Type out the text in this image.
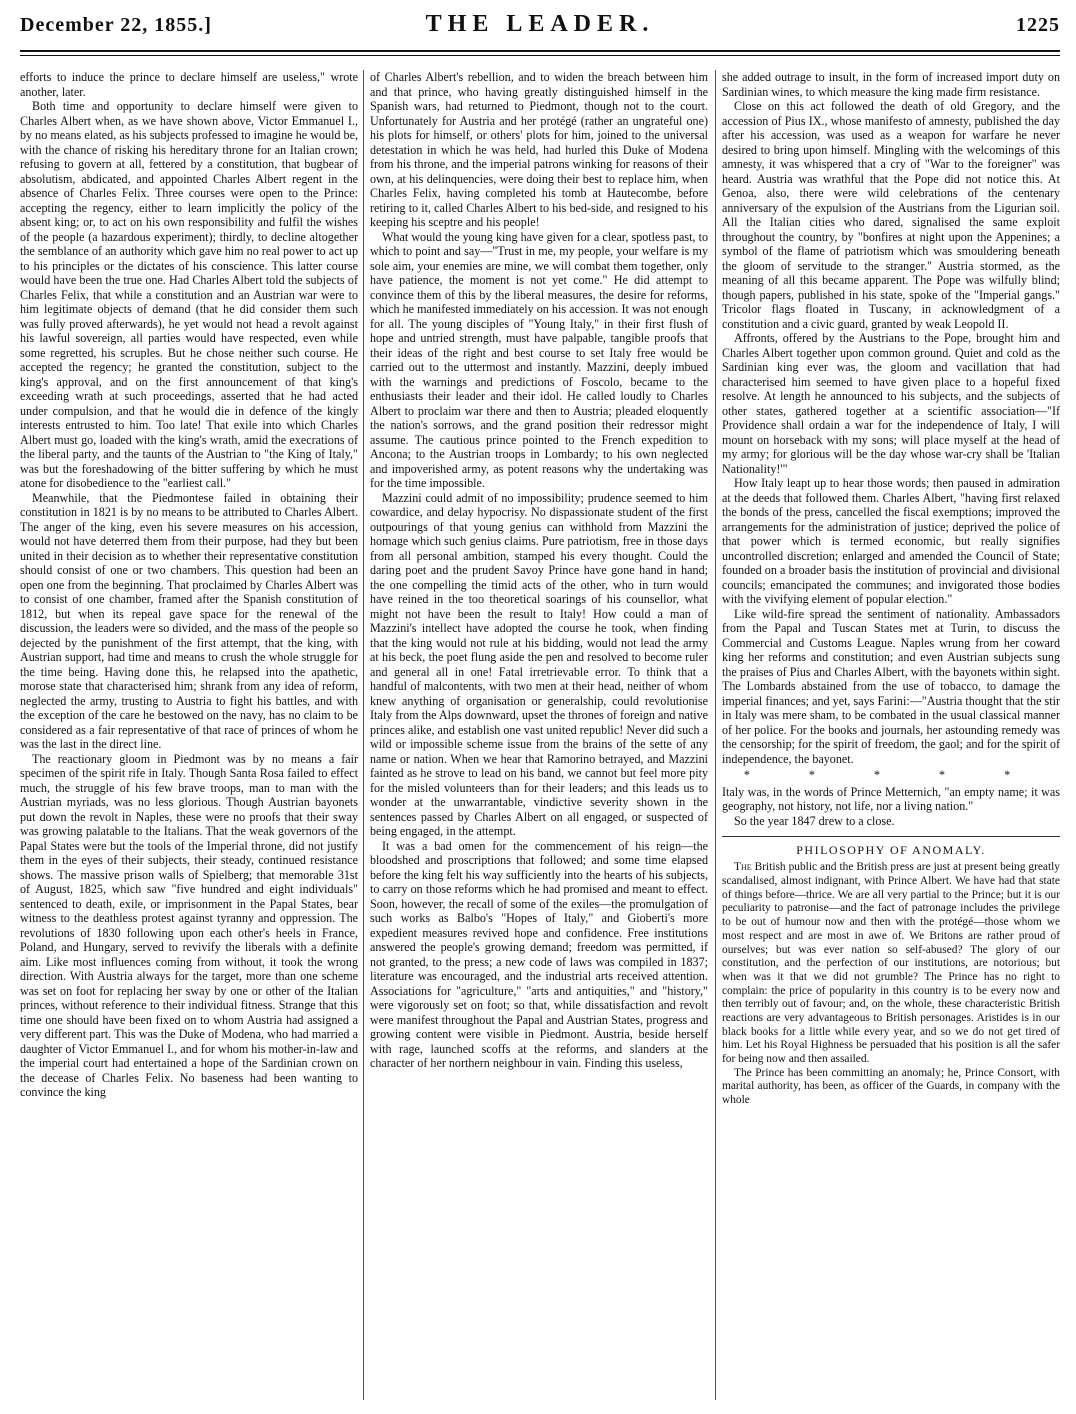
THE LEADER.
December 22, 1855.]	1225

efforts to induce the prince to declare himself are useless," wrote another, later.

Both time and opportunity to declare himself were given to Charles Albert when, as we have shown above, Victor Emmanuel I., by no means elated, as his subjects professed to imagine he would be, with the chance of risking his hereditary throne for an Italian crown; refusing to govern at all, fettered by a constitution, that bugbear of absolutism, abdicated, and appointed Charles Albert regent in the absence of Charles Felix. Three courses were open to the Prince: accepting the regency, either to learn implicitly the policy of the absent king; or, to act on his own responsibility and fulfil the wishes of the people (a hazardous experiment); thirdly, to decline altogether the semblance of an authority which gave him no real power to act up to his principles or the dictates of his conscience. This latter course would have been the true one. Had Charles Albert told the subjects of Charles Felix, that while a constitution and an Austrian war were to him legitimate objects of demand (that he did consider them such was fully proved afterwards), he yet would not head a revolt against his lawful sovereign, all parties would have respected, even while some regretted, his scruples. But he chose neither such course. He accepted the regency; he granted the constitution, subject to the king's approval, and on the first announcement of that king's exceeding wrath at such proceedings, asserted that he had acted under compulsion, and that he would die in defence of the kingly interests entrusted to him. Too late! That exile into which Charles Albert must go, loaded with the king's wrath, amid the execrations of the liberal party, and the taunts of the Austrian to "the King of Italy," was but the foreshadowing of the bitter suffering by which he must atone for disobedience to the "earliest call."

Meanwhile, that the Piedmontese failed in obtaining their constitution in 1821 is by no means to be attributed to Charles Albert. The anger of the king, even his severe measures on his accession, would not have deterred them from their purpose, had they but been united in their decision as to whether their representative constitution should consist of one or two chambers. This question had been an open one from the beginning. That proclaimed by Charles Albert was to consist of one chamber, framed after the Spanish constitution of 1812, but when its repeal gave space for the renewal of the discussion, the leaders were so divided, and the mass of the people so dejected by the punishment of the first attempt, that the king, with Austrian support, had time and means to crush the whole struggle for the time being. Having done this, he relapsed into the apathetic, morose state that characterised him; shrank from any idea of reform, neglected the army, trusting to Austria to fight his battles, and with the exception of the care he bestowed on the navy, has no claim to be considered as a fair representative of that race of princes of whom he was the last in the direct line.

The reactionary gloom in Piedmont was by no means a fair specimen of the spirit rife in Italy. Though Santa Rosa failed to effect much, the struggle of his few brave troops, man to man with the Austrian myriads, was no less glorious. Though Austrian bayonets put down the revolt in Naples, these were no proofs that their sway was growing palatable to the Italians. That the weak governors of the Papal States were but the tools of the Imperial throne, did not justify them in the eyes of their subjects, their steady, continued resistance shows. The massive prison walls of Spielberg; that memorable 31st of August, 1825, which saw "five hundred and eight individuals" sentenced to death, exile, or imprisonment in the Papal States, bear witness to the deathless protest against tyranny and oppression. The revolutions of 1830 following upon each other's heels in France, Poland, and Hungary, served to revivify the liberals with a definite aim. Like most influences coming from without, it took the wrong direction. With Austria always for the target, more than one scheme was set on foot for replacing her sway by one or other of the Italian princes, without reference to their individual fitness. Strange that this time one should have been fixed on to whom Austria had assigned a very different part. This was the Duke of Modena, who had married a daughter of Victor Emmanuel I., and for whom his mother-in-law and the imperial court had entertained a hope of the Sardinian crown on the decease of Charles Felix. No baseness had been wanting to convince the king

of Charles Albert's rebellion, and to widen the breach between him and that prince, who having greatly distinguished himself in the Spanish wars, had returned to Piedmont, though not to the court. Unfortunately for Austria and her protégé (rather an ungrateful one) his plots for himself, or others' plots for him, joined to the universal detestation in which he was held, had hurled this Duke of Modena from his throne, and the imperial patrons winking for reasons of their own, at his delinquencies, were doing their best to replace him, when Charles Felix, having completed his tomb at Hautecombe, before retiring to it, called Charles Albert to his bed-side, and resigned to his keeping his sceptre and his people!

What would the young king have given for a clear, spotless past, to which to point and say—"Trust in me, my people, your welfare is my sole aim, your enemies are mine, we will combat them together, only have patience, the moment is not yet come." He did attempt to convince them of this by the liberal measures, the desire for reforms, which he manifested immediately on his accession. It was not enough for all. The young disciples of "Young Italy," in their first flush of hope and untried strength, must have palpable, tangible proofs that their ideas of the right and best course to set Italy free would be carried out to the uttermost and instantly. Mazzini, deeply imbued with the warnings and predictions of Foscolo, became to the enthusiasts their leader and their idol. He called loudly to Charles Albert to proclaim war there and then to Austria; pleaded eloquently the nation's sorrows, and the grand position their redressor might assume. The cautious prince pointed to the French expedition to Ancona; to the Austrian troops in Lombardy; to his own neglected and impoverished army, as potent reasons why the undertaking was for the time impossible.

Mazzini could admit of no impossibility; prudence seemed to him cowardice, and delay hypocrisy. No dispassionate student of the first outpourings of that young genius can withhold from Mazzini the homage which such genius claims. Pure patriotism, free in those days from all personal ambition, stamped his every thought. Could the daring poet and the prudent Savoy Prince have gone hand in hand; the one compelling the timid acts of the other, who in turn would have reined in the too theoretical soarings of his counsellor, what might not have been the result to Italy! How could a man of Mazzini's intellect have adopted the course he took, when finding that the king would not rule at his bidding, would not lead the army at his beck, the poet flung aside the pen and resolved to become ruler and general all in one! Fatal irretrievable error. To think that a handful of malcontents, with two men at their head, neither of whom knew anything of organisation or generalship, could revolutionise Italy from the Alps downward, upset the thrones of foreign and native princes alike, and establish one vast united republic! Never did such a wild or impossible scheme issue from the brains of the sette of any name or nation. When we hear that Ramorino betrayed, and Mazzini fainted as he strove to lead on his band, we cannot but feel more pity for the misled volunteers than for their leaders; and this leads us to wonder at the unwarrantable, vindictive severity shown in the sentences passed by Charles Albert on all engaged, or suspected of being engaged, in the attempt.

It was a bad omen for the commencement of his reign—the bloodshed and proscriptions that followed; and some time elapsed before the king felt his way sufficiently into the hearts of his subjects, to carry on those reforms which he had promised and meant to effect. Soon, however, the recall of some of the exiles—the promulgation of such works as Balbo's "Hopes of Italy," and Gioberti's more expedient measures revived hope and confidence. Free institutions answered the people's growing demand; freedom was permitted, if not granted, to the press; a new code of laws was compiled in 1837; literature was encouraged, and the industrial arts received attention. Associations for "agriculture," "arts and antiquities," and "history," were vigorously set on foot; so that, while dissatisfaction and revolt were manifest throughout the Papal and Austrian States, progress and growing content were visible in Piedmont. Austria, beside herself with rage, launched scoffs at the reforms, and slanders at the character of her northern neighbour in vain. Finding this useless,

she added outrage to insult, in the form of increased import duty on Sardinian wines, to which measure the king made firm resistance.

Close on this act followed the death of old Gregory, and the accession of Pius IX., whose manifesto of amnesty, published the day after his accession, was used as a weapon for warfare he never desired to bring upon himself. Mingling with the welcomings of this amnesty, it was whispered that a cry of "War to the foreigner" was heard. Austria was wrathful that the Pope did not notice this. At Genoa, also, there were wild celebrations of the centenary anniversary of the expulsion of the Austrians from the Ligurian soil. All the Italian cities who dared, signalised the same exploit throughout the country, by "bonfires at night upon the Appenines; a symbol of the flame of patriotism which was smouldering beneath the gloom of servitude to the stranger." Austria stormed, as the meaning of all this became apparent. The Pope was wilfully blind; though papers, published in his state, spoke of the "Imperial gangs." Tricolor flags floated in Tuscany, in acknowledgment of a constitution and a civic guard, granted by weak Leopold II.

Affronts, offered by the Austrians to the Pope, brought him and Charles Albert together upon common ground. Quiet and cold as the Sardinian king ever was, the gloom and vacillation that had characterised him seemed to have given place to a hopeful fixed resolve. At length he announced to his subjects, and the subjects of other states, gathered together at a scientific association—"If Providence shall ordain a war for the independence of Italy, I will mount on horseback with my sons; will place myself at the head of my army; for glorious will be the day whose war-cry shall be 'Italian Nationality!'"

How Italy leapt up to hear those words; then paused in admiration at the deeds that followed them. Charles Albert, "having first relaxed the bonds of the press, cancelled the fiscal exemptions; improved the arrangements for the administration of justice; deprived the police of that power which is termed economic, but really signifies uncontrolled discretion; enlarged and amended the Council of State; founded on a broader basis the institution of provincial and divisional councils; emancipated the communes; and invigorated those bodies with the vivifying element of popular election."

Like wild-fire spread the sentiment of nationality. Ambassadors from the Papal and Tuscan States met at Turin, to discuss the Commercial and Customs League. Naples wrung from her coward king her reforms and constitution; and even Austrian subjects sung the praises of Pius and Charles Albert, with the bayonets within sight. The Lombards abstained from the use of tobacco, to damage the imperial finances; and yet, says Farini:—"Austria thought that the stir in Italy was mere sham, to be combated in the usual classical manner of her police. For the books and journals, her astounding remedy was the censorship; for the spirit of freedom, the gaol; and for the spirit of independence, the bayonet.

* * * * *

Italy was, in the words of Prince Metternich, "an empty name; it was geography, not history, not life, nor a living nation."

So the year 1847 drew to a close.

PHILOSOPHY OF ANOMALY.

The British public and the British press are just at present being greatly scandalised, almost indignant, with Prince Albert. We have had that state of things before—thrice. We are all very partial to the Prince; but it is our peculiarity to patronise—and the fact of patronage includes the privilege to be out of humour now and then with the protégé—those whom we most respect and are most in awe of. We Britons are rather proud of ourselves; but was ever nation so self-abused? The glory of our constitution, and the perfection of our institutions, are notorious; but when was it that we did not grumble? The Prince has no right to complain: the price of popularity in this country is to be every now and then terribly out of favour; and, on the whole, these characteristic British reactions are very advantageous to British personages. Aristides is in our black books for a little while every year, and so we do not get tired of him. Let his Royal Highness be persuaded that his position is all the safer for being now and then assailed.

The Prince has been committing an anomaly; he, Prince Consort, with marital authority, has been, as officer of the Guards, in company with the whole
